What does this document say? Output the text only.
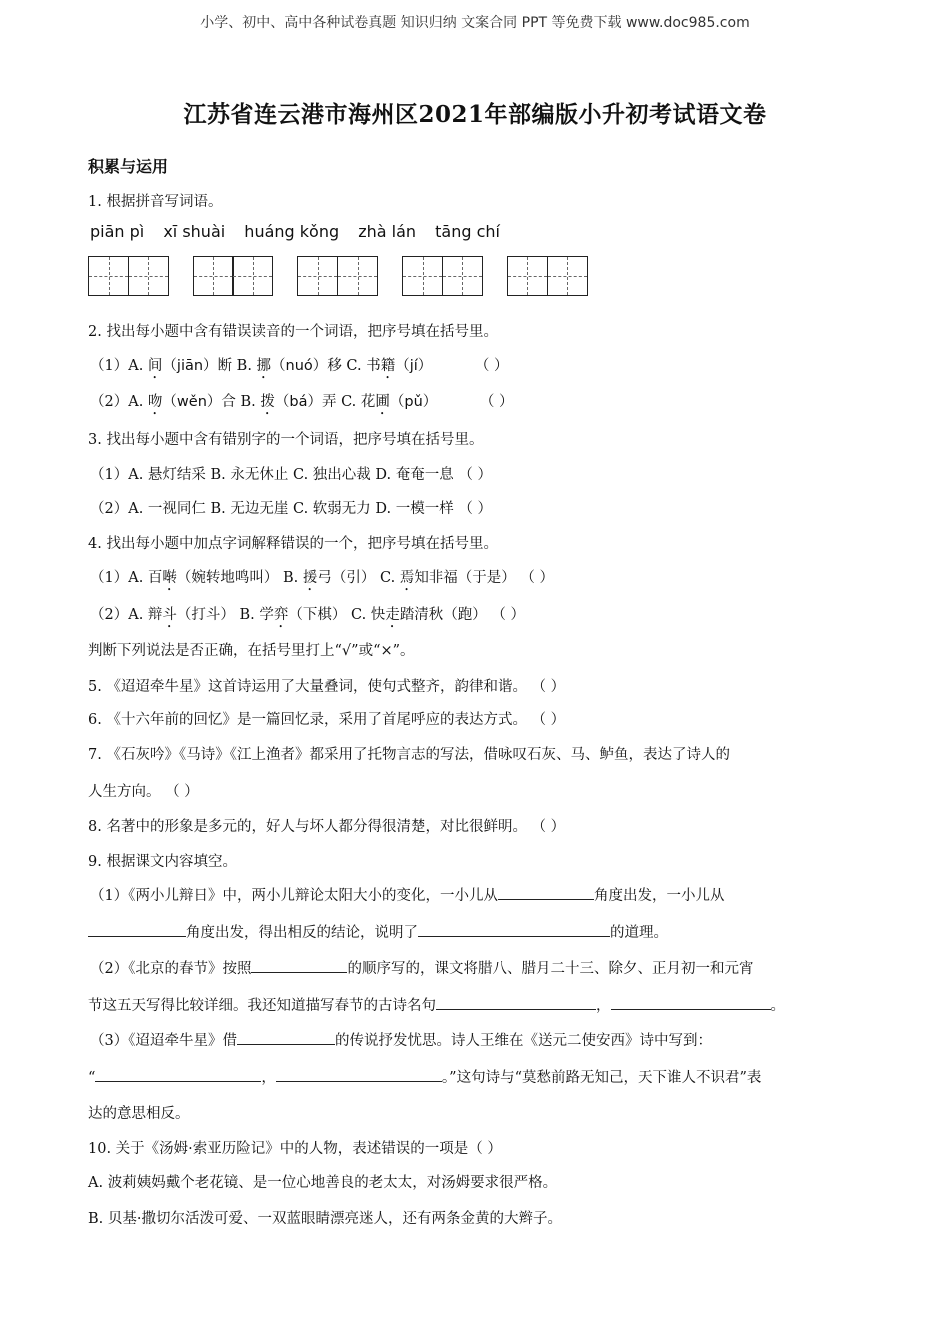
小学、初中、高中各种试卷真题 知识归纳 文案合同 PPT 等免费下载 www.doc985.com
江苏省连云港市海州区2021年部编版小升初考试语文卷
积累与运用
1. 根据拼音写词语。
piān pì xī shuài huáng kǒng zhà lán tāng chí
2. 找出每小题中含有错误读音的一个词语，把序号填在括号里。
（1）A. 间（jiān）断 B. 挪（nuó）移 C. 书籍（jí）	（ ）
（2）A. 吻（wěn）合 B. 拨（bá）弄 C. 花圃（pǔ）	（ ）
3. 找出每小题中含有错别字的一个词语，把序号填在括号里。
（1）A. 悬灯结采 B. 永无休止 C. 独出心裁 D. 奄奄一息 （ ）
（2）A. 一视同仁 B. 无边无崖 C. 软弱无力 D. 一模一样 （ ）
4. 找出每小题中加点字词解释错误的一个，把序号填在括号里。
（1）A. 百啭（婉转地鸣叫） B. 援弓（引） C. 焉知非福（于是） （ ）
（2）A. 辩斗（打斗） B. 学弈（下棋） C. 快走踏清秋（跑） （ ）
判断下列说法是否正确，在括号里打上“√”或“×”。
5. 《迢迢牵牛星》这首诗运用了大量叠词，使句式整齐，韵律和谐。 （ ）
6. 《十六年前的回忆》是一篇回忆录，采用了首尾呼应的表达方式。 （ ）
7. 《石灰吟》《马诗》《江上渔者》都采用了托物言志的写法，借咏叹石灰、马、鲈鱼，表达了诗人的
人生方向。 （ ）
8. 名著中的形象是多元的，好人与坏人都分得很清楚，对比很鲜明。 （ ）
9. 根据课文内容填空。
（1）《两小儿辩日》中，两小儿辩论太阳大小的变化，一小儿从	角度出发，一小儿从
角度出发，得出相反的结论，说明了	的道理。
（2）《北京的春节》按照	的顺序写的，课文将腊八、腊月二十三、除夕、正月初一和元宵
节这五天写得比较详细。我还知道描写春节的古诗名句	，	。
（3）《迢迢牵牛星》借	的传说抒发忧思。诗人王维在《送元二使安西》诗中写到：
“	，	。”这句诗与“莫愁前路无知己，天下谁人不识君”表
达的意思相反。
10. 关于《汤姆·索亚历险记》中的人物，表述错误的一项是（ ）
A. 波莉姨妈戴个老花镜、是一位心地善良的老太太，对汤姆要求很严格。
B. 贝基·撒切尔活泼可爱、一双蓝眼睛漂亮迷人，还有两条金黄的大辫子。
